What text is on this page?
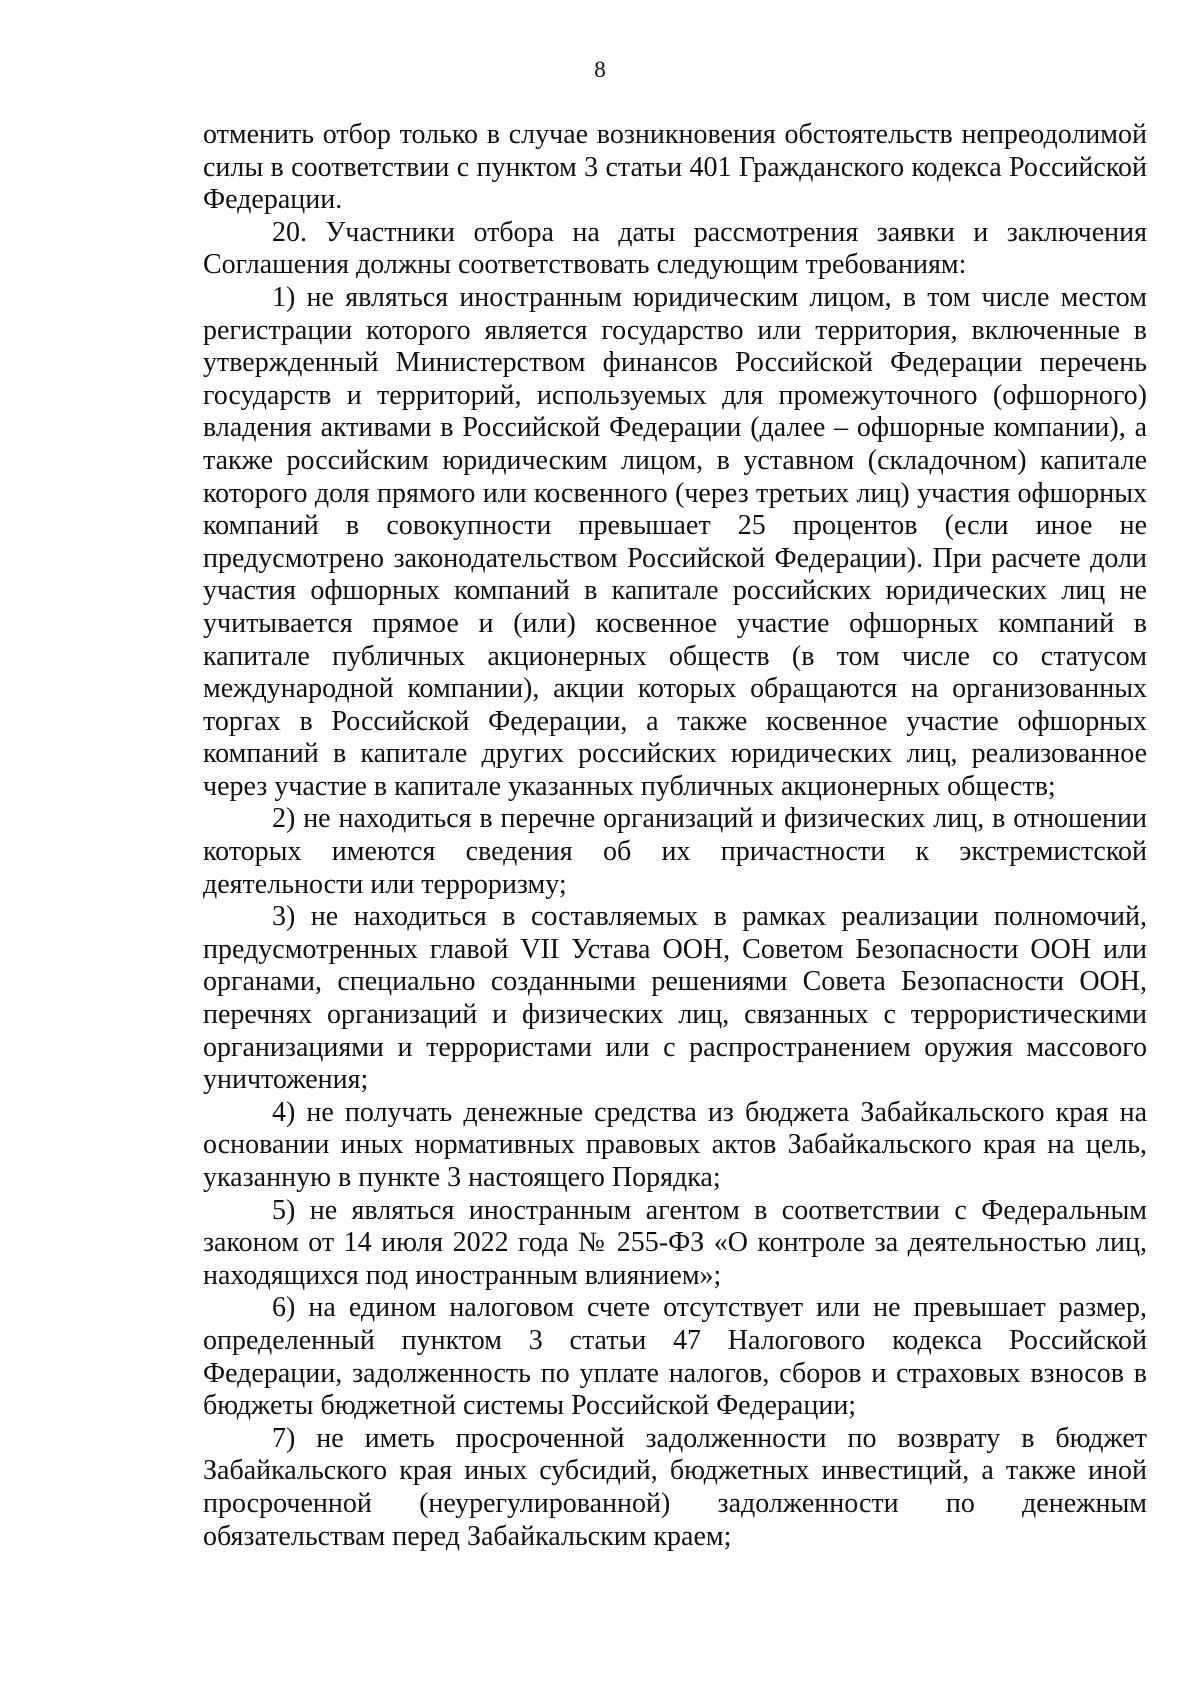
8

отменить отбор только в случае возникновения обстоятельств непреодолимой силы в соответствии с пунктом 3 статьи 401 Гражданского кодекса Российской Федерации.

20. Участники отбора на даты рассмотрения заявки и заключения Соглашения должны соответствовать следующим требованиям:

1) не являться иностранным юридическим лицом, в том числе местом регистрации которого является государство или территория, включенные в утвержденный Министерством финансов Российской Федерации перечень государств и территорий, используемых для промежуточного (офшорного) владения активами в Российской Федерации (далее – офшорные компании), а также российским юридическим лицом, в уставном (складочном) капитале которого доля прямого или косвенного (через третьих лиц) участия офшорных компаний в совокупности превышает 25 процентов (если иное не предусмотрено законодательством Российской Федерации). При расчете доли участия офшорных компаний в капитале российских юридических лиц не учитывается прямое и (или) косвенное участие офшорных компаний в капитале публичных акционерных обществ (в том числе со статусом международной компании), акции которых обращаются на организованных торгах в Российской Федерации, а также косвенное участие офшорных компаний в капитале других российских юридических лиц, реализованное через участие в капитале указанных публичных акционерных обществ;

2) не находиться в перечне организаций и физических лиц, в отношении которых имеются сведения об их причастности к экстремистской деятельности или терроризму;

3) не находиться в составляемых в рамках реализации полномочий, предусмотренных главой VII Устава ООН, Советом Безопасности ООН или органами, специально созданными решениями Совета Безопасности ООН, перечнях организаций и физических лиц, связанных с террористическими организациями и террористами или с распространением оружия массового уничтожения;

4) не получать денежные средства из бюджета Забайкальского края на основании иных нормативных правовых актов Забайкальского края на цель, указанную в пункте 3 настоящего Порядка;

5) не являться иностранным агентом в соответствии с Федеральным законом от 14 июля 2022 года № 255-ФЗ «О контроле за деятельностью лиц, находящихся под иностранным влиянием»;

6) на едином налоговом счете отсутствует или не превышает размер, определенный пунктом 3 статьи 47 Налогового кодекса Российской Федерации, задолженность по уплате налогов, сборов и страховых взносов в бюджеты бюджетной системы Российской Федерации;

7) не иметь просроченной задолженности по возврату в бюджет Забайкальского края иных субсидий, бюджетных инвестиций, а также иной просроченной (неурегулированной) задолженности по денежным обязательствам перед Забайкальским краем;
